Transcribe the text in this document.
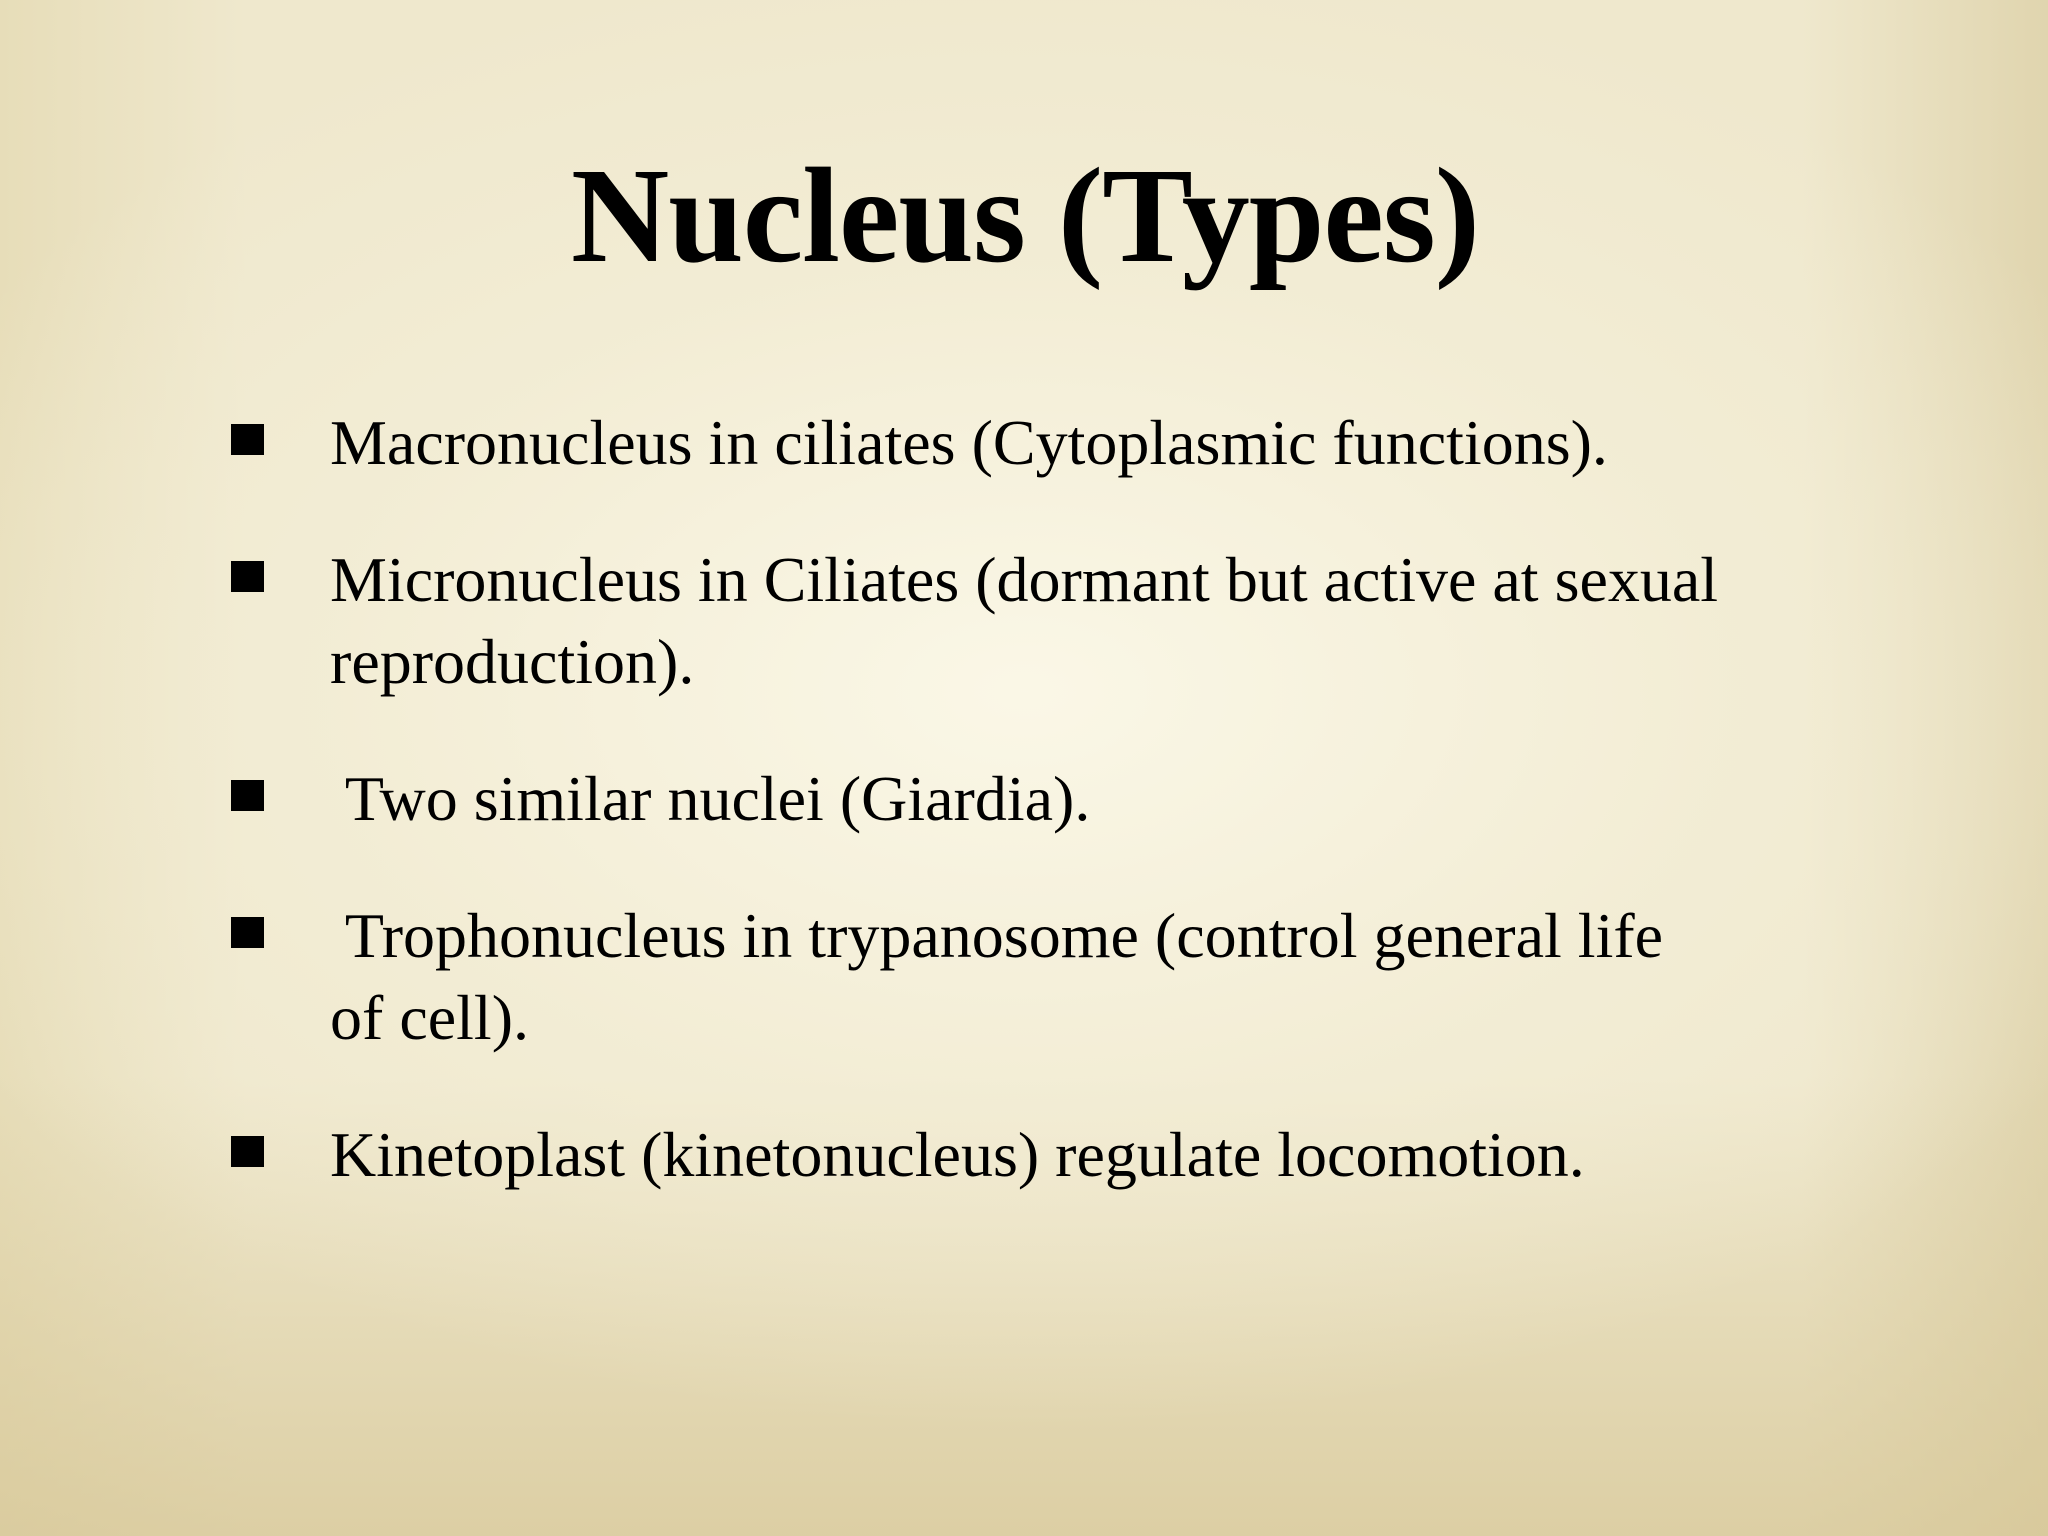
Nucleus (Types)
Macronucleus in ciliates (Cytoplasmic functions).
Micronucleus in Ciliates (dormant but active at sexual
reproduction).
Two similar nuclei (Giardia).
Trophonucleus in trypanosome (control general life
of cell).
Kinetoplast (kinetonucleus) regulate locomotion.
